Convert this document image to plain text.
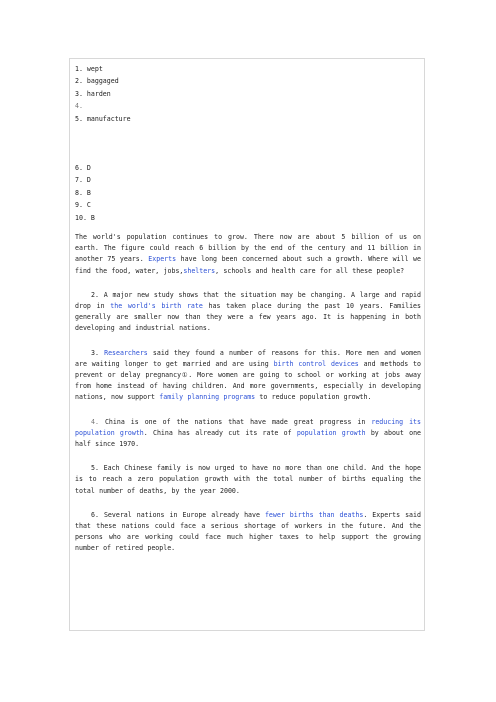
1. wept
2. baggaged
3. harden
4.
5. manufacture
6. D
7. D
8. B
9. C
10. B

The world's population continues to grow. There now are about 5 billion of us on earth. The figure could reach 6 billion by the end of the century and 11 billion in another 75 years. Experts have long been concerned about such a growth. Where will we find the food, water, jobs,shelters, schools and health care for all these people?

2. A major new study shows that the situation may be changing. A large and rapid drop in the world's birth rate has taken place during the past 10 years. Families generally are smaller now than they were a few years ago. It is happening in both developing and industrial nations.

3. Researchers said they found a number of reasons for this. More men and women are waiting longer to get married and are using birth control devices and methods to prevent or delay pregnancy①. More women are going to school or working at jobs away from home instead of having children. And more governments, especially in developing nations, now support family planning programs to reduce population growth.

4. China is one of the nations that have made great progress in reducing its population growth. China has already cut its rate of population growth by about one half since 1970.

5. Each Chinese family is now urged to have no more than one child. And the hope is to reach a zero population growth with the total number of births equaling the total number of deaths, by the year 2000.

6. Several nations in Europe already have fewer births than deaths. Experts said that these nations could face a serious shortage of workers in the future. And the persons who are working could face much higher taxes to help support the growing number of retired people.
